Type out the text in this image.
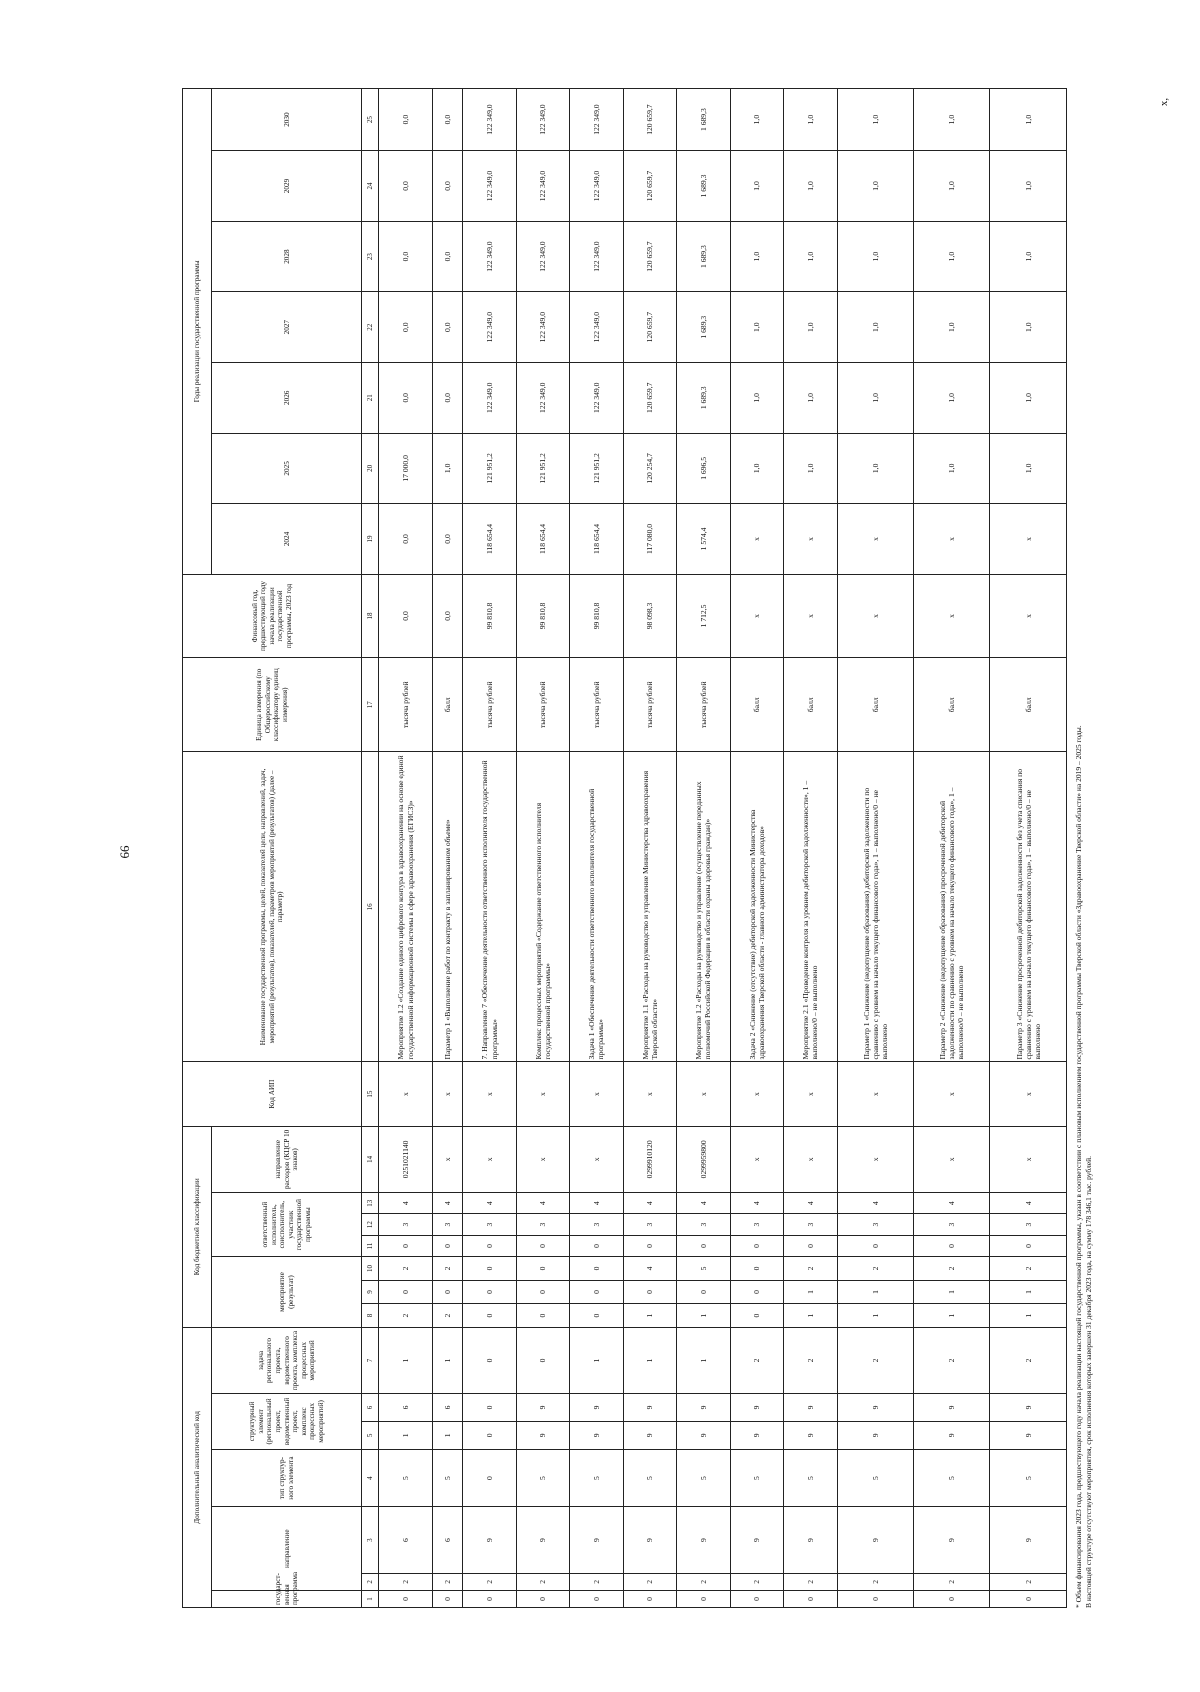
66
х,
Дополнительный аналитический код							Код бюджетной классификации							Код АИП	Наименование государственной программы, целей, показателей цели, направлений, задач, мероприятий (результатов), показателей, параметров мероприятий (результатов) (далее – параметр)	Единица измерения (по Общероссийскому классификатору единиц измерения)	Финансовый год, предшествующий году начала реализации государственной программы, 2023 год	Годы реализации государственной программы						
государст-венная программа	направление		тип структур-ного элемента	структурный элемент (региональный проект, ведомственный проект, комплекс процессных мероприятий)		задача регионального проекта, ведомственного проекта, комплекса процессных мероприятий	мероприятие (результат)			ответственный исполнитель, соисполнитель, участник государственной программы			направление расходов (КЦСР 10 знаков)					2024	2025	2026	2027	2028	2029	2030
1	2	3	4	5	6	7	8	9	10	11	12	13	14	15	16	17	18	19	20	21	22	23	24	25
0	2	6	5	1	6	1	2	0	2	0	3	4	0251021140	х	Мероприятие 1.2 «Создание единого цифрового контура в здравоохранении на основе единой государственной информационной системы в сфере здравоохранения (ЕГИСЗ)»	тысяча рублей	0,0	0,0	17 000,0	0,0	0,0	0,0	0,0	0,0
0	2	6	5	1	6	1	2	0	2	0	3	4	х	х	Параметр 1 «Выполнение работ по контракту в запланированном объеме»	балл	0,0	0,0	1,0	0,0	0,0	0,0	0,0	0,0
0	2	9	0	0	0	0	0	0	0	0	3	4	х	х	7. Направление 7 «Обеспечение деятельности ответственного исполнителя государственной программы»	тысяча рублей	99 810,8	118 654,4	121 951,2	122 349,0	122 349,0	122 349,0	122 349,0	122 349,0
0	2	9	5	9	9	0	0	0	0	0	3	4	х	х	Комплекс процессных мероприятий «Содержание ответственного исполнителя государственной программы»	тысяча рублей	99 810,8	118 654,4	121 951,2	122 349,0	122 349,0	122 349,0	122 349,0	122 349,0
0	2	9	5	9	9	1	0	0	0	0	3	4	х	х	Задача 1 «Обеспечение деятельности ответственного исполнителя государственной программы»	тысяча рублей	99 810,8	118 654,4	121 951,2	122 349,0	122 349,0	122 349,0	122 349,0	122 349,0
0	2	9	5	9	9	1	1	0	4	0	3	4	0299910120	х	Мероприятие 1.1 «Расходы на руководство и управление Министерства здравоохранения Тверской области»	тысяча рублей	98 098,3	117 080,0	120 254,7	120 659,7	120 659,7	120 659,7	120 659,7	120 659,7
0	2	9	5	9	9	1	1	0	5	0	3	4	0299959800	х	Мероприятие 1.2 «Расходы на руководство и управление (осуществление переданных полномочий Российской Федерации в области охраны здоровья граждан)»	тысяча рублей	1 712,5	1 574,4	1 696,5	1 689,3	1 689,3	1 689,3	1 689,3	1 689,3
0	2	9	5	9	9	2	0	0	0	0	3	4	х	х	Задача 2 «Снижение (отсутствие) дебиторской задолженности Министерства здравоохранения Тверской области - главного администратора доходов»	балл	х	х	1,0	1,0	1,0	1,0	1,0	1,0
0	2	9	5	9	9	2	1	1	2	0	3	4	х	х	Мероприятие 2.1 «Проведение контроля за уровнем дебиторской задолженности», 1 – выполнено/0 – не выполнено	балл	х	х	1,0	1,0	1,0	1,0	1,0	1,0
0	2	9	5	9	9	2	1	1	2	0	3	4	х	х	Параметр 1 «Снижение (недопущение образования) дебиторской задолженности по сравнению с уровнем на начало текущего финансового года», 1 – выполнено/0 – не выполнено	балл	х	х	1,0	1,0	1,0	1,0	1,0	1,0
0	2	9	5	9	9	2	1	1	2	0	3	4	х	х	Параметр 2 «Снижение (недопущение образования) просроченной дебиторской задолженности по сравнению с уровнем на начало текущего финансового года», 1 – выполнено/0 – не выполнено	балл	х	х	1,0	1,0	1,0	1,0	1,0	1,0
0	2	9	5	9	9	2	1	1	2	0	3	4	х	х	Параметр 3 «Снижение просроченной дебиторской задолженности без учета списания по сравнению с уровнем на начало текущего финансового года», 1 – выполнено/0 – не выполнено	балл	х	х	1,0	1,0	1,0	1,0	1,0	1,0
* Объем финансирования 2023 года, предшествующего году начала реализации настоящей государственной программы, указан в соответствии с плановым исполнением государственной программы Тверской области «Здравоохранение Тверской области» на 2019 – 2025 годы. В настоящей структуре отсутствуют мероприятия, срок исполнения которых завершен 31 декабря 2023 года, на сумму 178 346,1 тыс. рублей.
